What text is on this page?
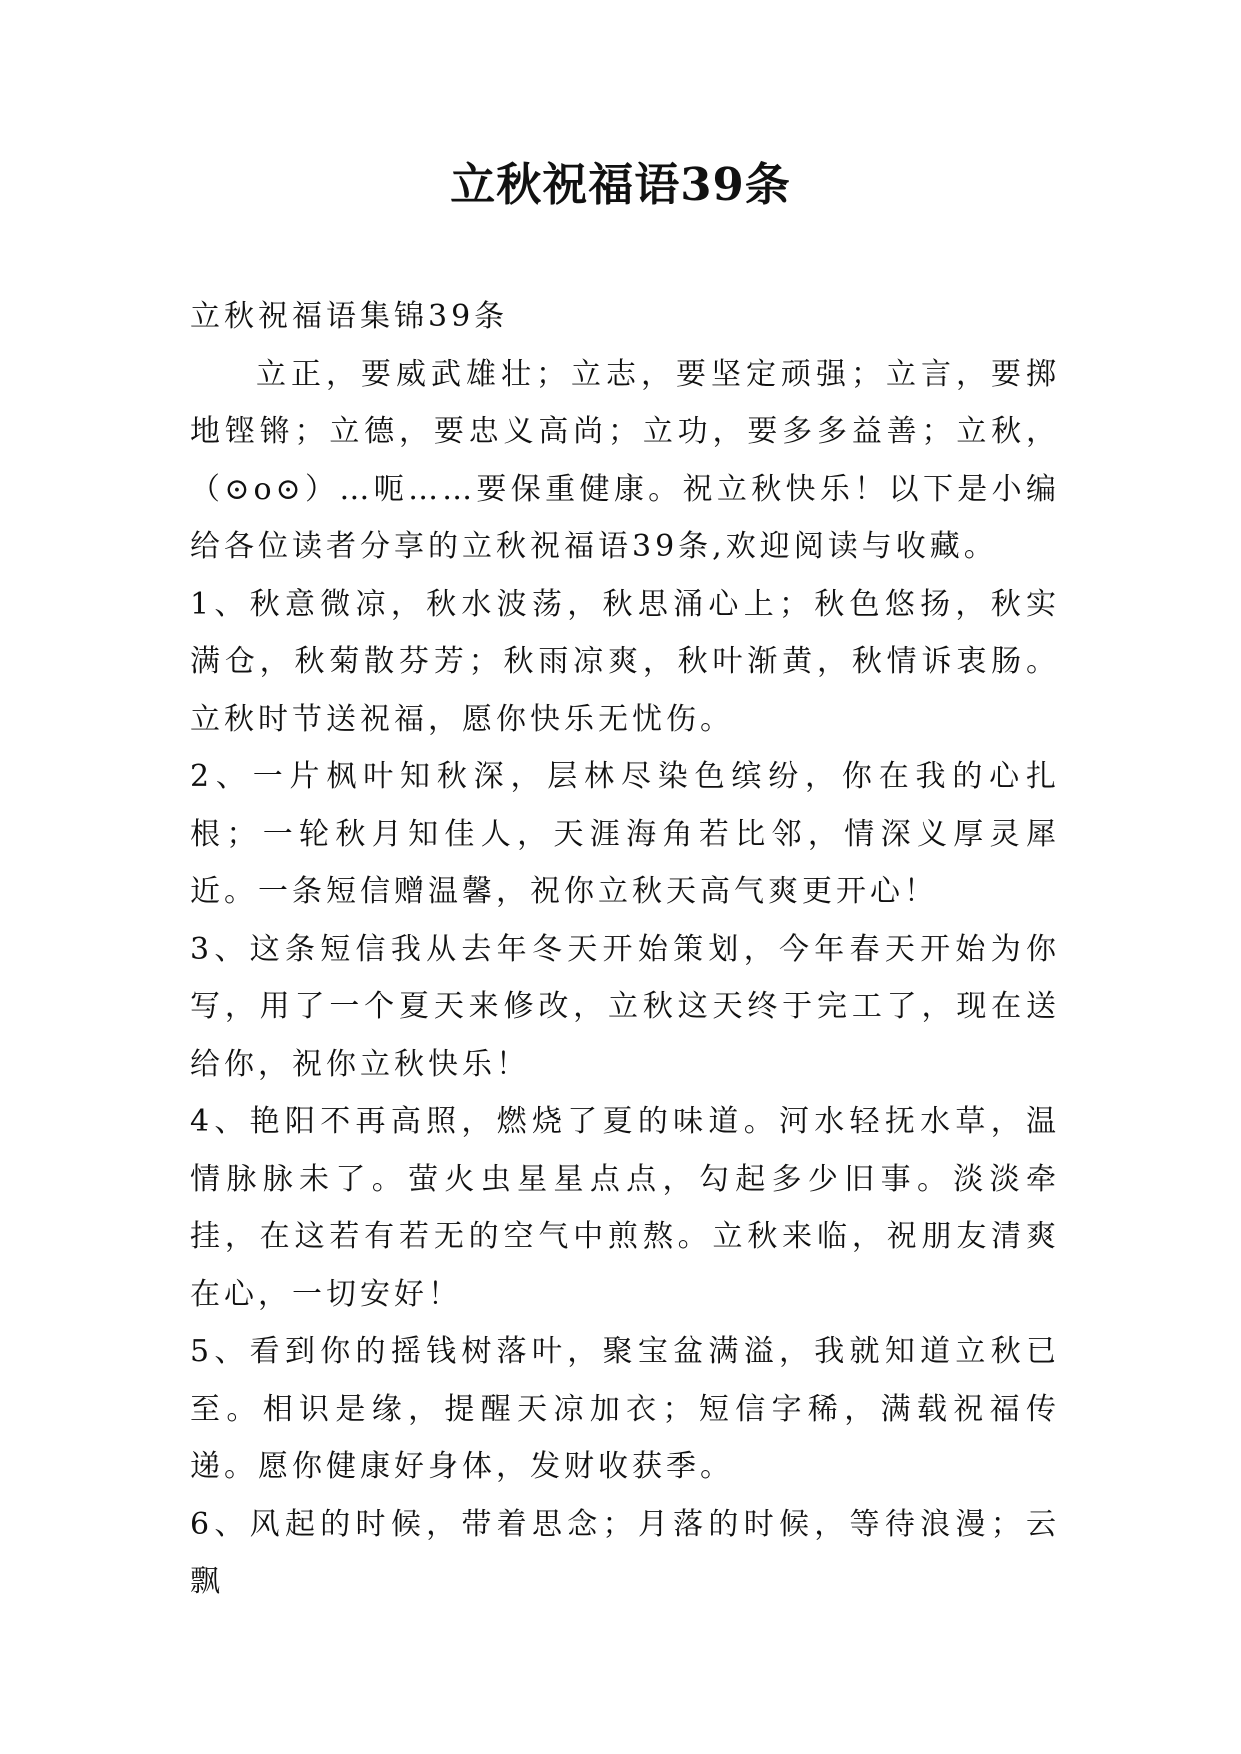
立秋祝福语39条

立秋祝福语集锦39条

立正，要威武雄壮；立志，要坚定顽强；立言，要掷地铿锵；立德，要忠义高尚；立功，要多多益善；立秋，（⊙o⊙）…呃……要保重健康。祝立秋快乐！以下是小编给各位读者分享的立秋祝福语39条,欢迎阅读与收藏。

1、秋意微凉，秋水波荡，秋思涌心上；秋色悠扬，秋实满仓，秋菊散芬芳；秋雨凉爽，秋叶渐黄，秋情诉衷肠。立秋时节送祝福，愿你快乐无忧伤。

2、一片枫叶知秋深，层林尽染色缤纷，你在我的心扎根；一轮秋月知佳人，天涯海角若比邻，情深义厚灵犀近。一条短信赠温馨，祝你立秋天高气爽更开心！

3、这条短信我从去年冬天开始策划，今年春天开始为你写，用了一个夏天来修改，立秋这天终于完工了，现在送给你，祝你立秋快乐！

4、艳阳不再高照，燃烧了夏的味道。河水轻抚水草，温情脉脉未了。萤火虫星星点点，勾起多少旧事。淡淡牵挂，在这若有若无的空气中煎熬。立秋来临，祝朋友清爽在心，一切安好！

5、看到你的摇钱树落叶，聚宝盆满溢，我就知道立秋已至。相识是缘，提醒天凉加衣；短信字稀，满载祝福传递。愿你健康好身体，发财收获季。

6、风起的时候，带着思念；月落的时候，等待浪漫；云飘
